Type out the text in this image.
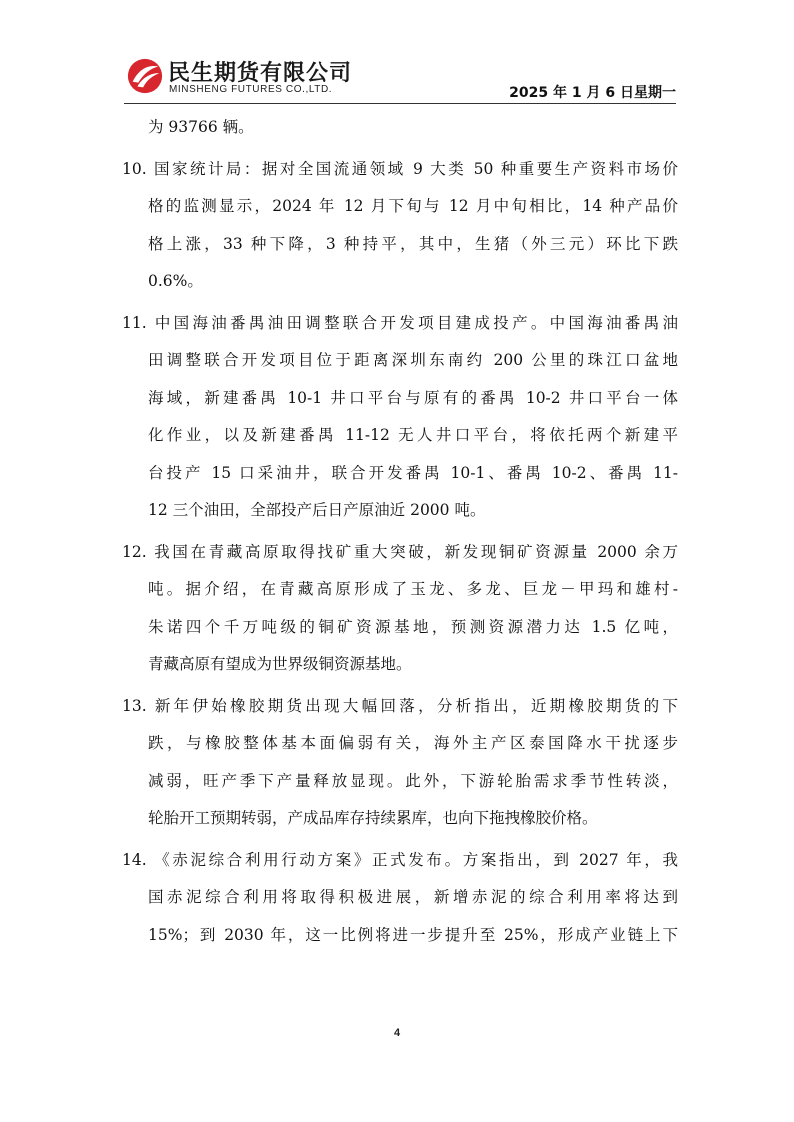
民生期货有限公司
MINSHENG FUTURES CO.,LTD.	2025 年 1 月 6 日星期一
为 93766 辆。
10. 国家统计局：据对全国流通领域 9 大类 50 种重要生产资料市场价
格的监测显示，2024 年 12 月下旬与 12 月中旬相比，14 种产品价
格上涨，33 种下降，3 种持平，其中，生猪（外三元）环比下跌
0.6%。
11. 中国海油番禺油田调整联合开发项目建成投产。中国海油番禺油
田调整联合开发项目位于距离深圳东南约 200 公里的珠江口盆地
海域，新建番禺 10-1 井口平台与原有的番禺 10-2 井口平台一体
化作业，以及新建番禺 11-12 无人井口平台，将依托两个新建平
台投产 15 口采油井，联合开发番禺 10-1、番禺 10-2、番禺 11-
12 三个油田，全部投产后日产原油近 2000 吨。
12. 我国在青藏高原取得找矿重大突破，新发现铜矿资源量 2000 余万
吨。据介绍，在青藏高原形成了玉龙、多龙、巨龙－甲玛和雄村-
朱诺四个千万吨级的铜矿资源基地，预测资源潜力达 1.5 亿吨，
青藏高原有望成为世界级铜资源基地。
13. 新年伊始橡胶期货出现大幅回落，分析指出，近期橡胶期货的下
跌，与橡胶整体基本面偏弱有关，海外主产区泰国降水干扰逐步
减弱，旺产季下产量释放显现。此外，下游轮胎需求季节性转淡，
轮胎开工预期转弱，产成品库存持续累库，也向下拖拽橡胶价格。
14. 《赤泥综合利用行动方案》正式发布。方案指出，到 2027 年，我
国赤泥综合利用将取得积极进展，新增赤泥的综合利用率将达到
15%；到 2030 年，这一比例将进一步提升至 25%，形成产业链上下
4
